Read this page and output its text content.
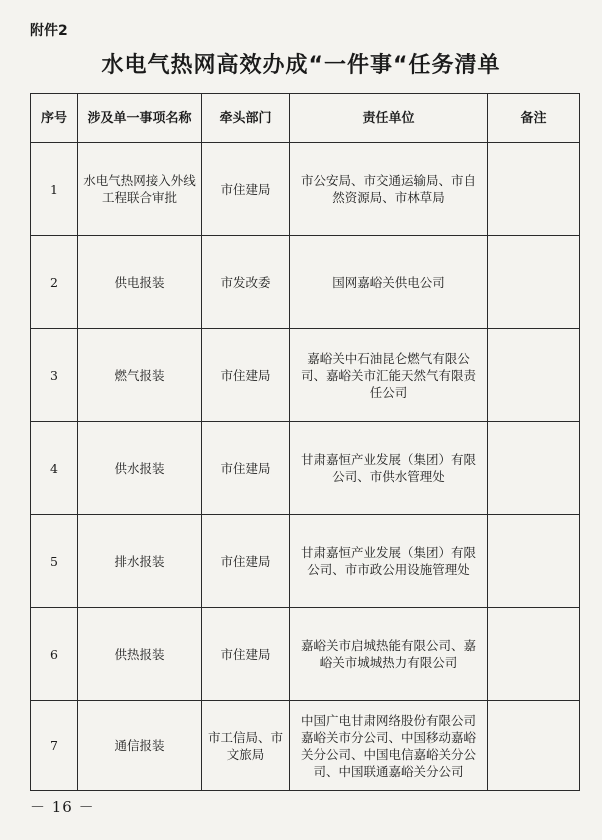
附件2
水电气热网高效办成“一件事“任务清单
序号	涉及单一事项名称	牵头部门	责任单位	备注
1	水电气热网接入外线工程联合审批	市住建局	市公安局、市交通运输局、市自然资源局、市林草局	
2	供电报装	市发改委	国网嘉峪关供电公司	
3	燃气报装	市住建局	嘉峪关中石油昆仑燃气有限公司、嘉峪关市汇能天然气有限责任公司	
4	供水报装	市住建局	甘肃嘉恒产业发展（集团）有限公司、市供水管理处	
5	排水报装	市住建局	甘肃嘉恒产业发展（集团）有限公司、市市政公用设施管理处	
6	供热报装	市住建局	嘉峪关市启城热能有限公司、嘉峪关市城城热力有限公司	
7	通信报装	市工信局、市文旅局	中国广电甘肃网络股份有限公司嘉峪关市分公司、中国移动嘉峪关分公司、中国电信嘉峪关分公司、中国联通嘉峪关分公司	
－ 16 －
